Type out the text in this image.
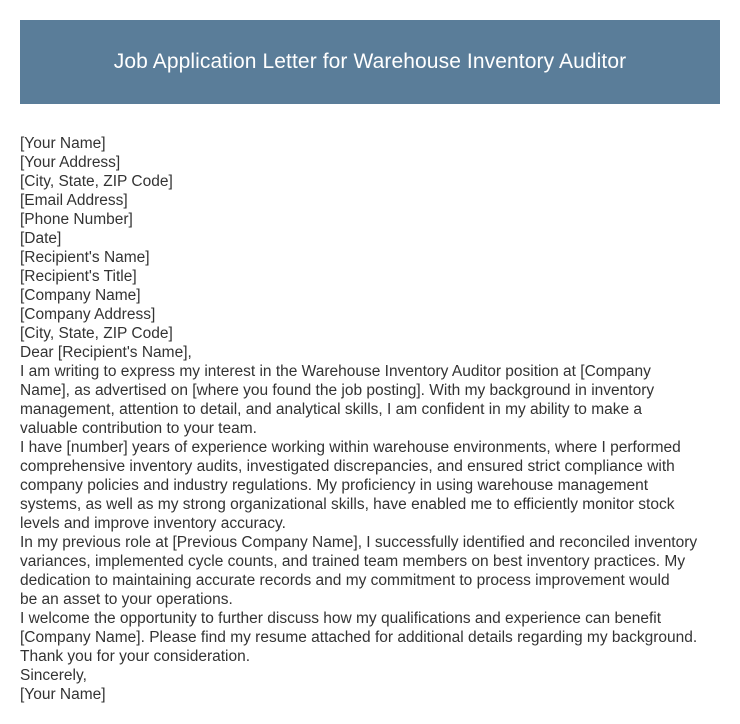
Job Application Letter for Warehouse Inventory Auditor
[Your Name]
[Your Address]
[City, State, ZIP Code]
[Email Address]
[Phone Number]
[Date]
[Recipient's Name]
[Recipient's Title]
[Company Name]
[Company Address]
[City, State, ZIP Code]
Dear [Recipient's Name],
I am writing to express my interest in the Warehouse Inventory Auditor position at [Company
Name], as advertised on [where you found the job posting]. With my background in inventory
management, attention to detail, and analytical skills, I am confident in my ability to make a
valuable contribution to your team.
I have [number] years of experience working within warehouse environments, where I performed
comprehensive inventory audits, investigated discrepancies, and ensured strict compliance with
company policies and industry regulations. My proficiency in using warehouse management
systems, as well as my strong organizational skills, have enabled me to efficiently monitor stock
levels and improve inventory accuracy.
In my previous role at [Previous Company Name], I successfully identified and reconciled inventory
variances, implemented cycle counts, and trained team members on best inventory practices. My
dedication to maintaining accurate records and my commitment to process improvement would
be an asset to your operations.
I welcome the opportunity to further discuss how my qualifications and experience can benefit
[Company Name]. Please find my resume attached for additional details regarding my background.
Thank you for your consideration.
Sincerely,
[Your Name]
